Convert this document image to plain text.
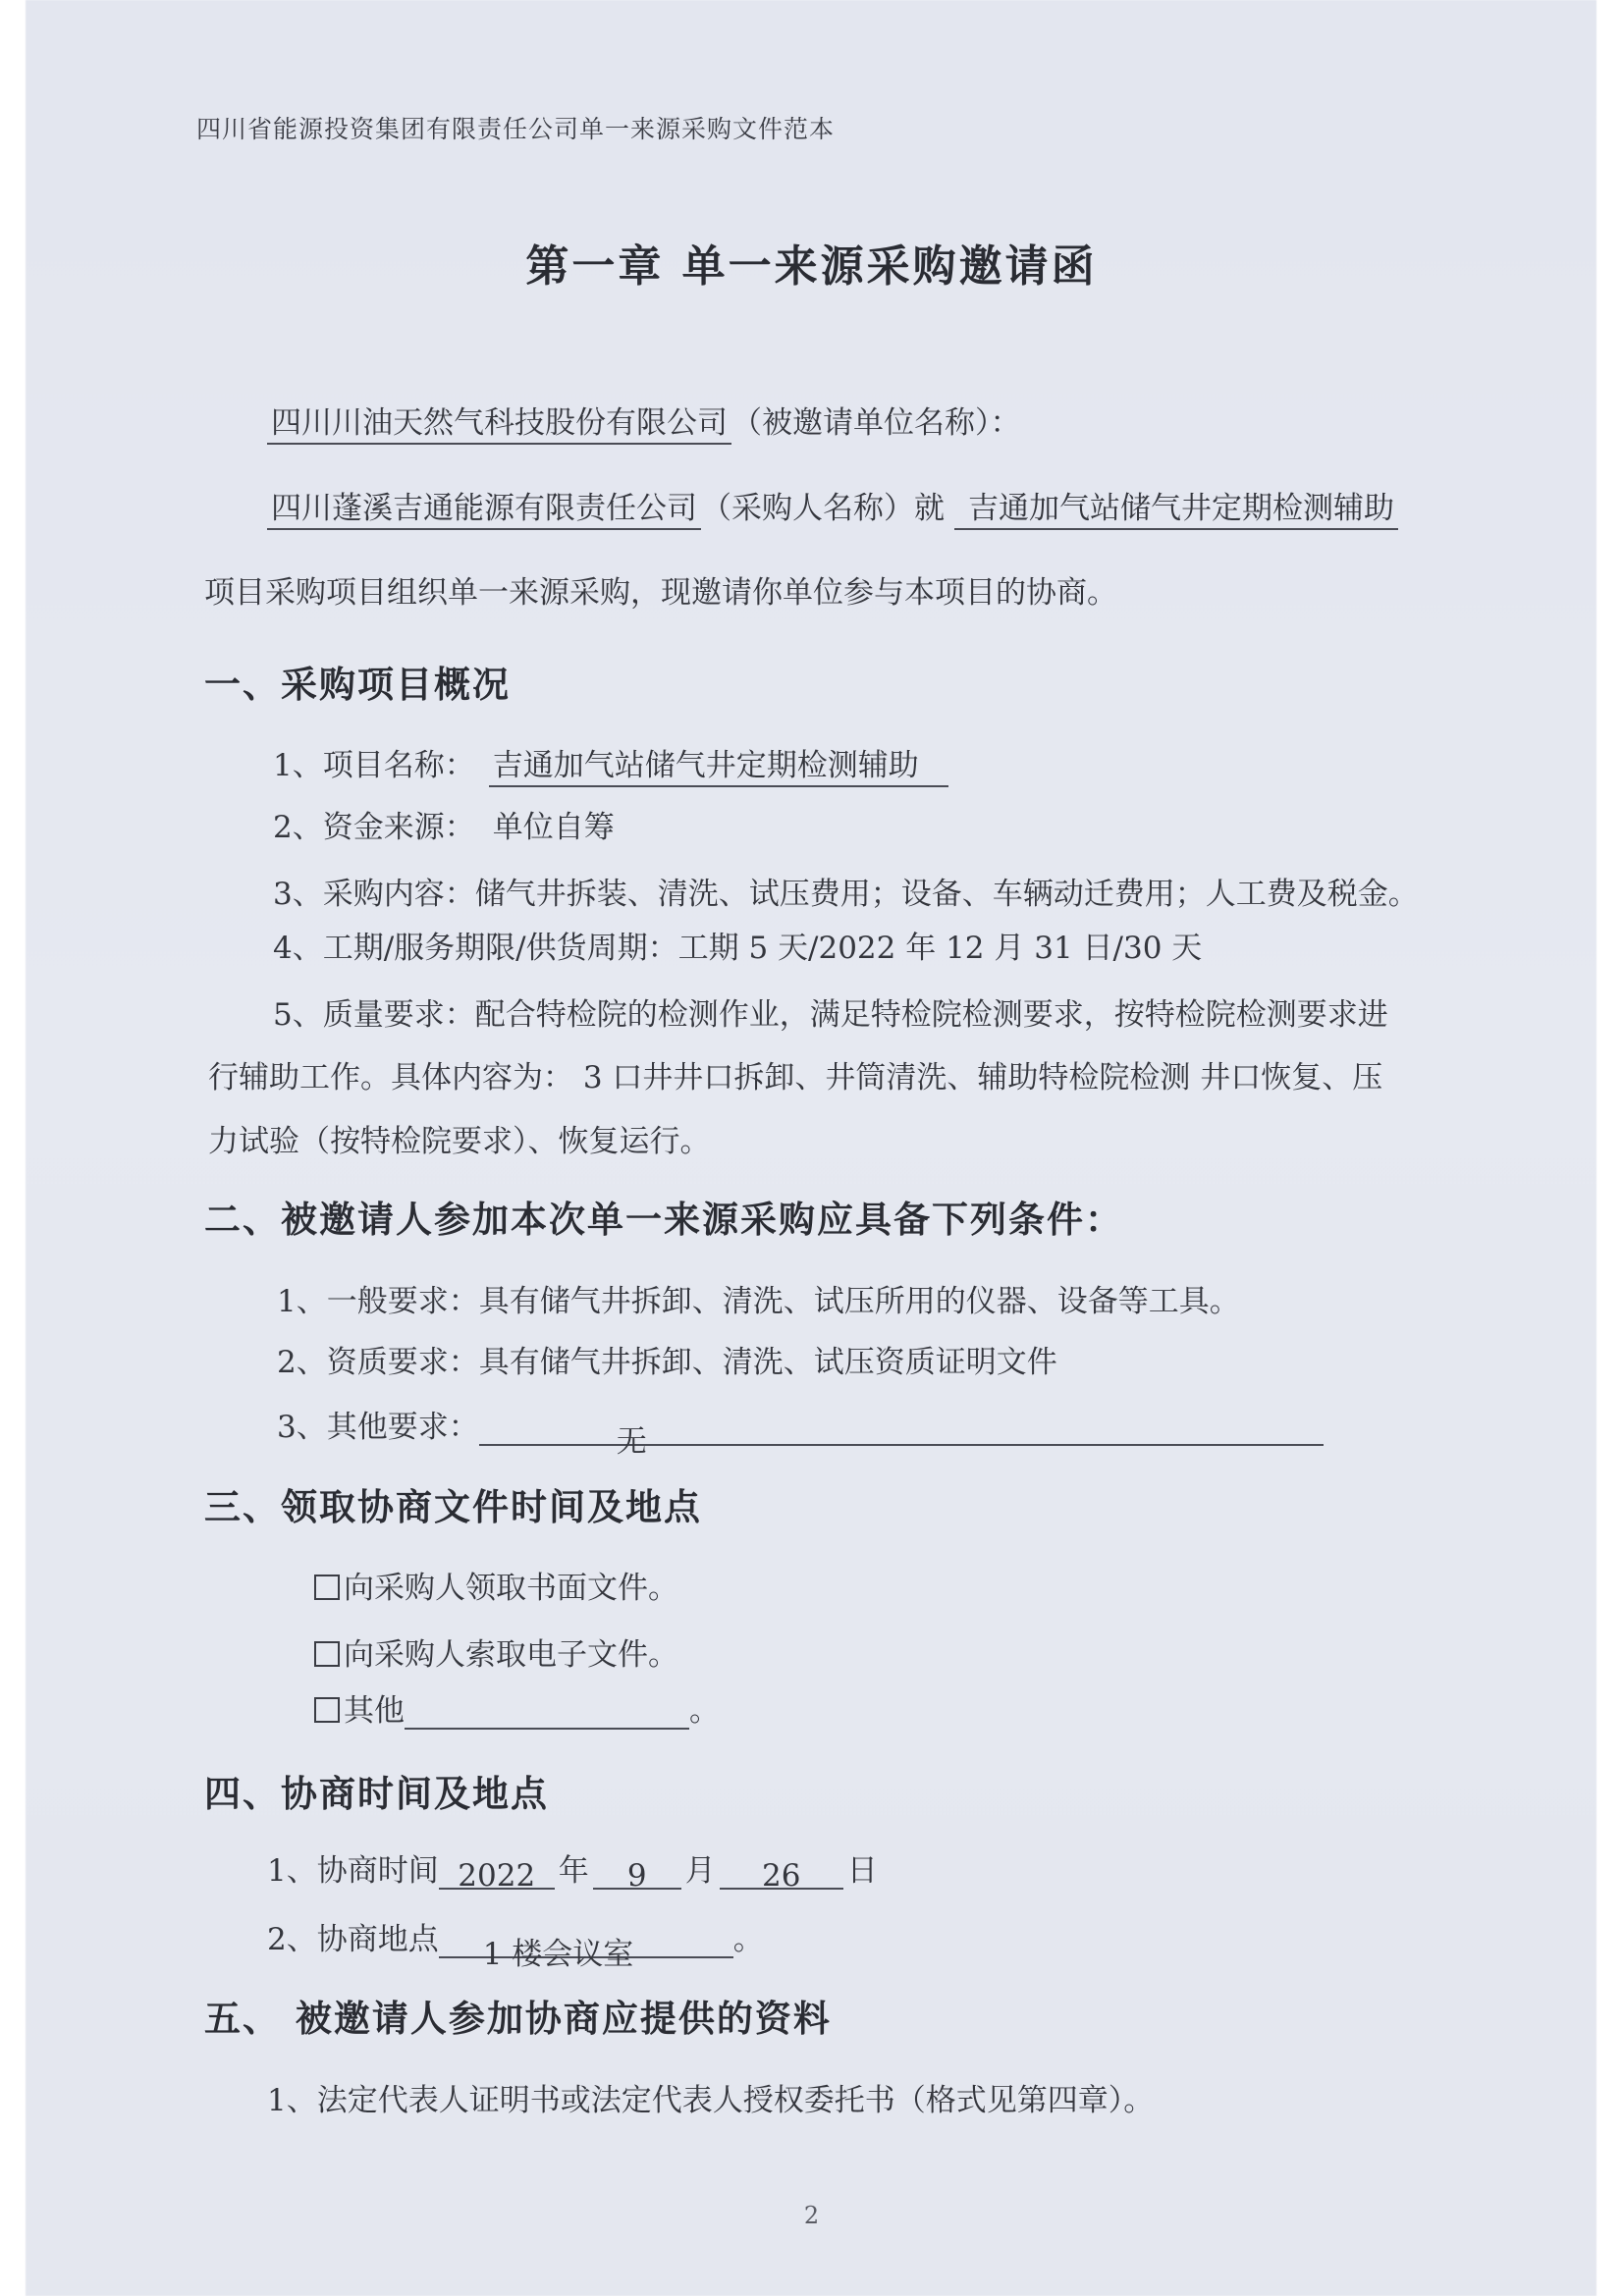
四川省能源投资集团有限责任公司单一来源采购文件范本
第一章 单一来源采购邀请函
四川川油天然气科技股份有限公司 （被邀请单位名称）：
四川蓬溪吉通能源有限责任公司 （采购人名称）就 吉通加气站储气井定期检测辅助
项目采购项目组织单一来源采购，现邀请你单位参与本项目的协商。
一、采购项目概况
1、项目名称： 吉通加气站储气井定期检测辅助
2、资金来源： 单位自筹
3、采购内容：储气井拆装、清洗、试压费用；设备、车辆动迁费用；人工费及税金。
4、工期/服务期限/供货周期：工期 5 天/2022 年 12 月 31 日/30 天
5、质量要求：配合特检院的检测作业，满足特检院检测要求，按特检院检测要求进
行辅助工作。具体内容为： 3 口井井口拆卸、井筒清洗、辅助特检院检测 井口恢复、压
力试验（按特检院要求）、恢复运行。
二、被邀请人参加本次单一来源采购应具备下列条件：
1、一般要求：具有储气井拆卸、清洗、试压所用的仪器、设备等工具。
2、资质要求：具有储气井拆卸、清洗、试压资质证明文件
3、其他要求：	无
三、领取协商文件时间及地点
向采购人领取书面文件。
向采购人索取电子文件。
其他	。
四、协商时间及地点
1、协商时间 2022 年 9 月 26 日
2、协商地点 1 楼会议室	。
五、 被邀请人参加协商应提供的资料
1、法定代表人证明书或法定代表人授权委托书（格式见第四章）。
2
